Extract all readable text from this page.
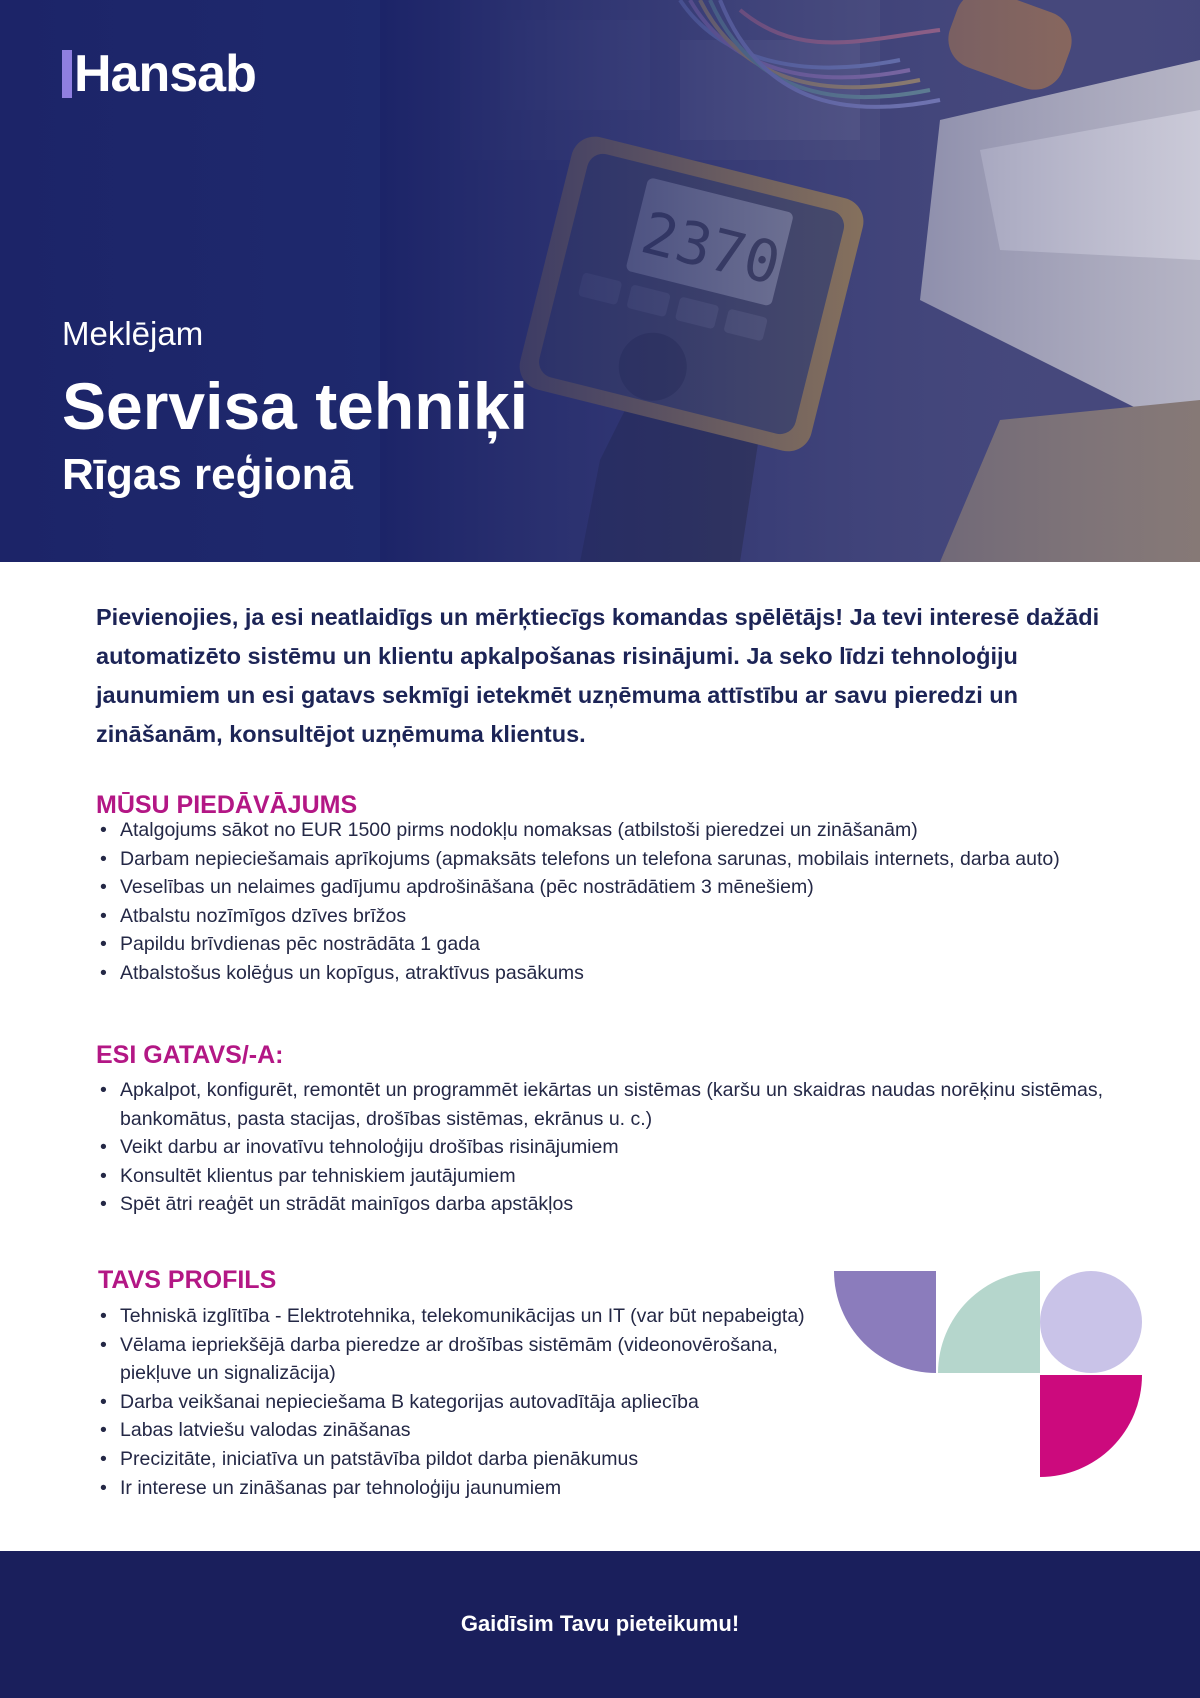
Hansab
Meklējam
Servisa tehniķi
Rīgas reģionā
Pievienojies, ja esi neatlaidīgs un mērķtiecīgs komandas spēlētājs! Ja tevi interesē dažādi automatizēto sistēmu un klientu apkalpošanas risinājumi. Ja seko līdzi tehnoloģiju jaunumiem un esi gatavs sekmīgi ietekmēt uzņēmuma attīstību ar savu pieredzi un zināšanām, konsultējot uzņēmuma klientus.
MŪSU PIEDĀVĀJUMS
• Atalgojums sākot no EUR 1500 pirms nodokļu nomaksas (atbilstoši pieredzei un zināšanām)
• Darbam nepieciešamais aprīkojums (apmaksāts telefons un telefona sarunas, mobilais internets, darba auto)
• Veselības un nelaimes gadījumu apdrošināšana (pēc nostrādātiem 3 mēnešiem)
• Atbalstu nozīmīgos dzīves brīžos
• Papildu brīvdienas pēc nostrādāta 1 gada
• Atbalstošus kolēģus un kopīgus, atraktīvus pasākums
ESI GATAVS/-A:
• Apkalpot, konfigurēt, remontēt un programmēt iekārtas un sistēmas (karšu un skaidras naudas norēķinu sistēmas, bankomātus, pasta stacijas, drošības sistēmas, ekrānus u. c.)
• Veikt darbu ar inovatīvu tehnoloģiju drošības risinājumiem
• Konsultēt klientus par tehniskiem jautājumiem
• Spēt ātri reaģēt un strādāt mainīgos darba apstākļos
TAVS PROFILS
• Tehniskā izglītība - Elektrotehnika, telekomunikācijas un IT (var būt nepabeigta)
• Vēlama iepriekšējā darba pieredze ar drošības sistēmām (videonovērošana, piekļuve un signalizācija)
• Darba veikšanai nepieciešama B kategorijas autovadītāja apliecība
• Labas latviešu valodas zināšanas
• Precizitāte, iniciatīva un patstāvība pildot darba pienākumus
• Ir interese un zināšanas par tehnoloģiju jaunumiem
Gaidīsim Tavu pieteikumu!
